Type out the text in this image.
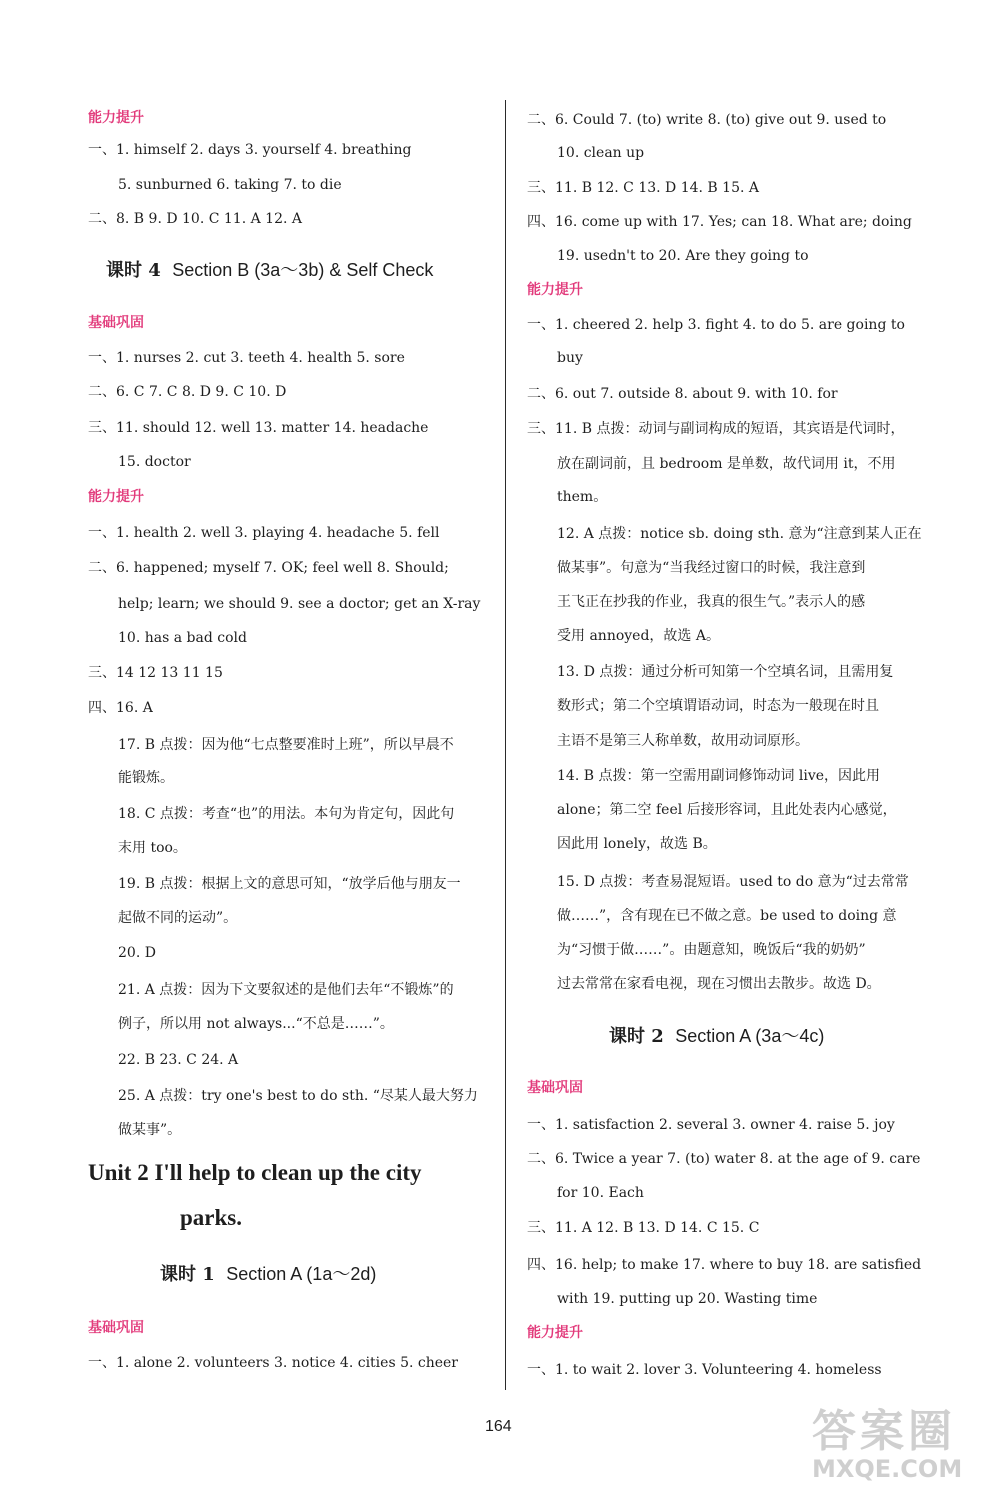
能力提升
一、1. himself 2. days 3. yourself 4. breathing
5. sunburned 6. taking 7. to die
二、8. B 9. D 10. C 11. A 12. A
课时 4 Section B (3a～3b) & Self Check
基础巩固
一、1. nurses 2. cut 3. teeth 4. health 5. sore
二、6. C 7. C 8. D 9. C 10. D
三、11. should 12. well 13. matter 14. headache
15. doctor
能力提升
一、1. health 2. well 3. playing 4. headache 5. fell
二、6. happened; myself 7. OK; feel well 8. Should;
help; learn; we should 9. see a doctor; get an X-ray
10. has a bad cold
三、14 12 13 11 15
四、16. A
17. B 点拨：因为他“七点整要准时上班”，所以早晨不
能锻炼。
18. C 点拨：考查“也”的用法。本句为肯定句，因此句
末用 too。
19. B 点拨：根据上文的意思可知，“放学后他与朋友一
起做不同的运动”。
20. D
21. A 点拨：因为下文要叙述的是他们去年“不锻炼”的
例子，所以用 not always...“不总是……”。
22. B 23. C 24. A
25. A 点拨：try one's best to do sth. “尽某人最大努力
做某事”。
Unit 2 I'll help to clean up the city
parks.
课时 1 Section A (1a～2d)
基础巩固
一、1. alone 2. volunteers 3. notice 4. cities 5. cheer
二、6. Could 7. (to) write 8. (to) give out 9. used to
10. clean up
三、11. B 12. C 13. D 14. B 15. A
四、16. come up with 17. Yes; can 18. What are; doing
19. usedn't to 20. Are they going to
能力提升
一、1. cheered 2. help 3. fight 4. to do 5. are going to
buy
二、6. out 7. outside 8. about 9. with 10. for
三、11. B 点拨：动词与副词构成的短语，其宾语是代词时，
放在副词前，且 bedroom 是单数，故代词用 it，不用
them。
12. A 点拨：notice sb. doing sth. 意为“注意到某人正在
做某事”。句意为“当我经过窗口的时候，我注意到
王飞正在抄我的作业，我真的很生气。”表示人的感
受用 annoyed，故选 A。
13. D 点拨：通过分析可知第一个空填名词，且需用复
数形式；第二个空填谓语动词，时态为一般现在时且
主语不是第三人称单数，故用动词原形。
14. B 点拨：第一空需用副词修饰动词 live，因此用
alone；第二空 feel 后接形容词，且此处表内心感觉，
因此用 lonely，故选 B。
15. D 点拨：考查易混短语。used to do 意为“过去常常
做……”，含有现在已不做之意。be used to doing 意
为“习惯于做……”。由题意知，晚饭后“我的奶奶”
过去常常在家看电视，现在习惯出去散步。故选 D。
课时 2 Section A (3a～4c)
基础巩固
一、1. satisfaction 2. several 3. owner 4. raise 5. joy
二、6. Twice a year 7. (to) water 8. at the age of 9. care
for 10. Each
三、11. A 12. B 13. D 14. C 15. C
四、16. help; to make 17. where to buy 18. are satisfied
with 19. putting up 20. Wasting time
能力提升
一、1. to wait 2. lover 3. Volunteering 4. homeless
164	答案圈
MXQE.COM
